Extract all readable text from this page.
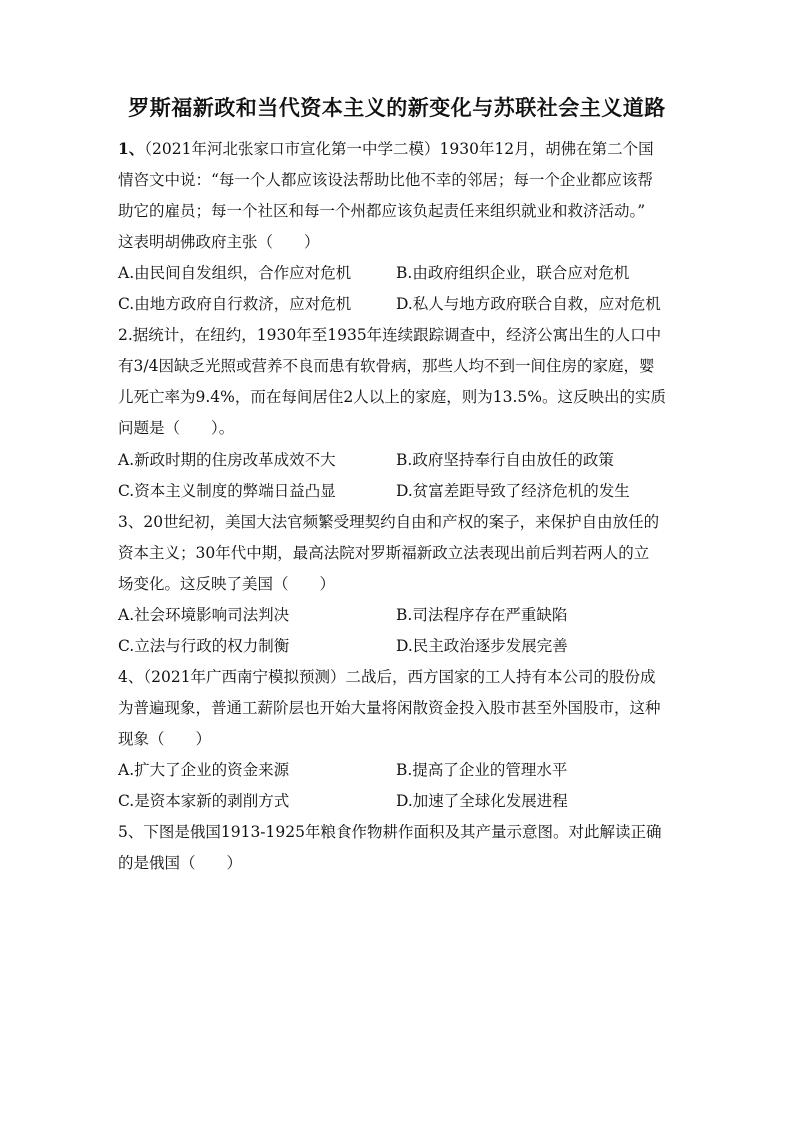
罗斯福新政和当代资本主义的新变化与苏联社会主义道路
1、（2021年河北张家口市宣化第一中学二模）1930年12月，胡佛在第二个国
情咨文中说：“每一个人都应该设法帮助比他不幸的邻居；每一个企业都应该帮
助它的雇员；每一个社区和每一个州都应该负起责任来组织就业和救济活动。”
这表明胡佛政府主张（　　）
A.由民间自发组织，合作应对危机	B.由政府组织企业，联合应对危机
C.由地方政府自行救济，应对危机	D.私人与地方政府联合自救，应对危机
2.据统计，在纽约，1930年至1935年连续跟踪调查中，经济公寓出生的人口中
有3/4因缺乏光照或营养不良而患有软骨病，那些人均不到一间住房的家庭，婴
儿死亡率为9.4%，而在每间居住2人以上的家庭，则为13.5%。这反映出的实质
问题是（　　）。
A.新政时期的住房改革成效不大	B.政府坚持奉行自由放任的政策
C.资本主义制度的弊端日益凸显	D.贫富差距导致了经济危机的发生
3、20世纪初，美国大法官频繁受理契约自由和产权的案子，来保护自由放任的
资本主义；30年代中期，最高法院对罗斯福新政立法表现出前后判若两人的立
场变化。这反映了美国（　　）
A.社会环境影响司法判决	B.司法程序存在严重缺陷
C.立法与行政的权力制衡	D.民主政治逐步发展完善
4、（2021年广西南宁模拟预测）二战后，西方国家的工人持有本公司的股份成
为普遍现象，普通工薪阶层也开始大量将闲散资金投入股市甚至外国股市，这种
现象（　　）
A.扩大了企业的资金来源	B.提高了企业的管理水平
C.是资本家新的剥削方式	D.加速了全球化发展进程
5、下图是俄国1913-1925年粮食作物耕作面积及其产量示意图。对此解读正确
的是俄国（　　）
